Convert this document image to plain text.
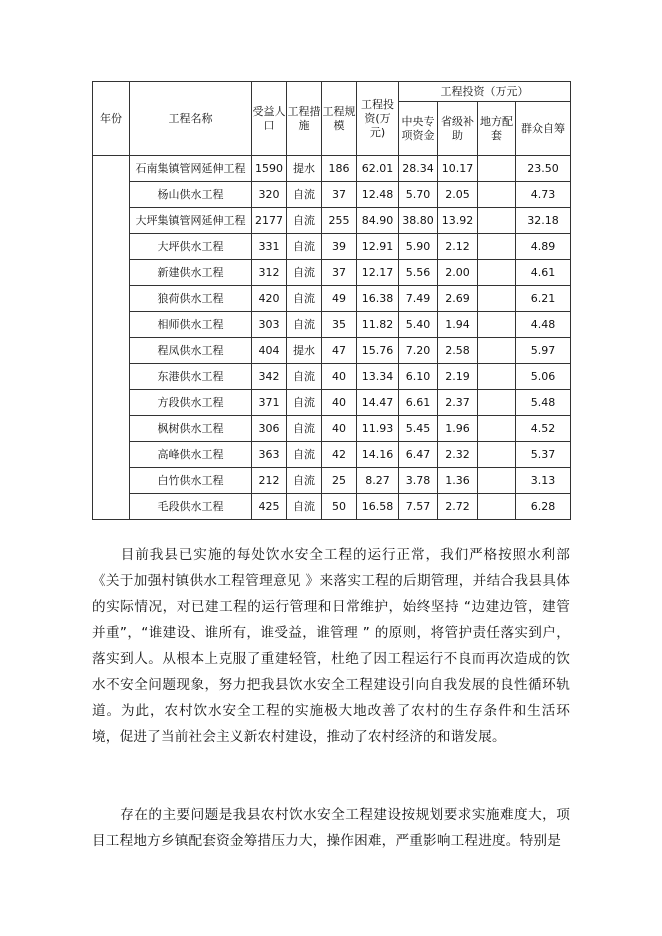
年份	工程名称	受益人口	工程措施	工程规模	工程投资(万元)	工程投资（万元）			
						中央专项资金	省级补助	地方配套	群众自筹
	石南集镇管网延伸工程	1590	提水	186	62.01	28.34	10.17		23.50
	杨山供水工程	320	自流	37	12.48	5.70	2.05		4.73
	大坪集镇管网延伸工程	2177	自流	255	84.90	38.80	13.92		32.18
	大坪供水工程	331	自流	39	12.91	5.90	2.12		4.89
	新建供水工程	312	自流	37	12.17	5.56	2.00		4.61
	狼荷供水工程	420	自流	49	16.38	7.49	2.69		6.21
	相师供水工程	303	自流	35	11.82	5.40	1.94		4.48
	程凤供水工程	404	提水	47	15.76	7.20	2.58		5.97
	东港供水工程	342	自流	40	13.34	6.10	2.19		5.06
	方段供水工程	371	自流	40	14.47	6.61	2.37		5.48
	枫树供水工程	306	自流	40	11.93	5.45	1.96		4.52
	高峰供水工程	363	自流	42	14.16	6.47	2.32		5.37
	白竹供水工程	212	自流	25	8.27	3.78	1.36		3.13
	毛段供水工程	425	自流	50	16.58	7.57	2.72		6.28

目前我县已实施的每处饮水安全工程的运行正常，我们严格按照水利部《关于加强村镇供水工程管理意见 》来落实工程的后期管理，并结合我县具体的实际情况，对已建工程的运行管理和日常维护，始终坚持 “边建边管，建管并重”，“谁建设、谁所有，谁受益，谁管理 ” 的原则，将管护责任落实到户，落实到人。从根本上克服了重建轻管，杜绝了因工程运行不良而再次造成的饮水不安全问题现象，努力把我县饮水安全工程建设引向自我发展的良性循环轨道。为此，农村饮水安全工程的实施极大地改善了农村的生存条件和生活环境，促进了当前社会主义新农村建设，推动了农村经济的和谐发展。

存在的主要问题是我县农村饮水安全工程建设按规划要求实施难度大，项目工程地方乡镇配套资金筹措压力大，操作困难，严重影响工程进度。特别是
